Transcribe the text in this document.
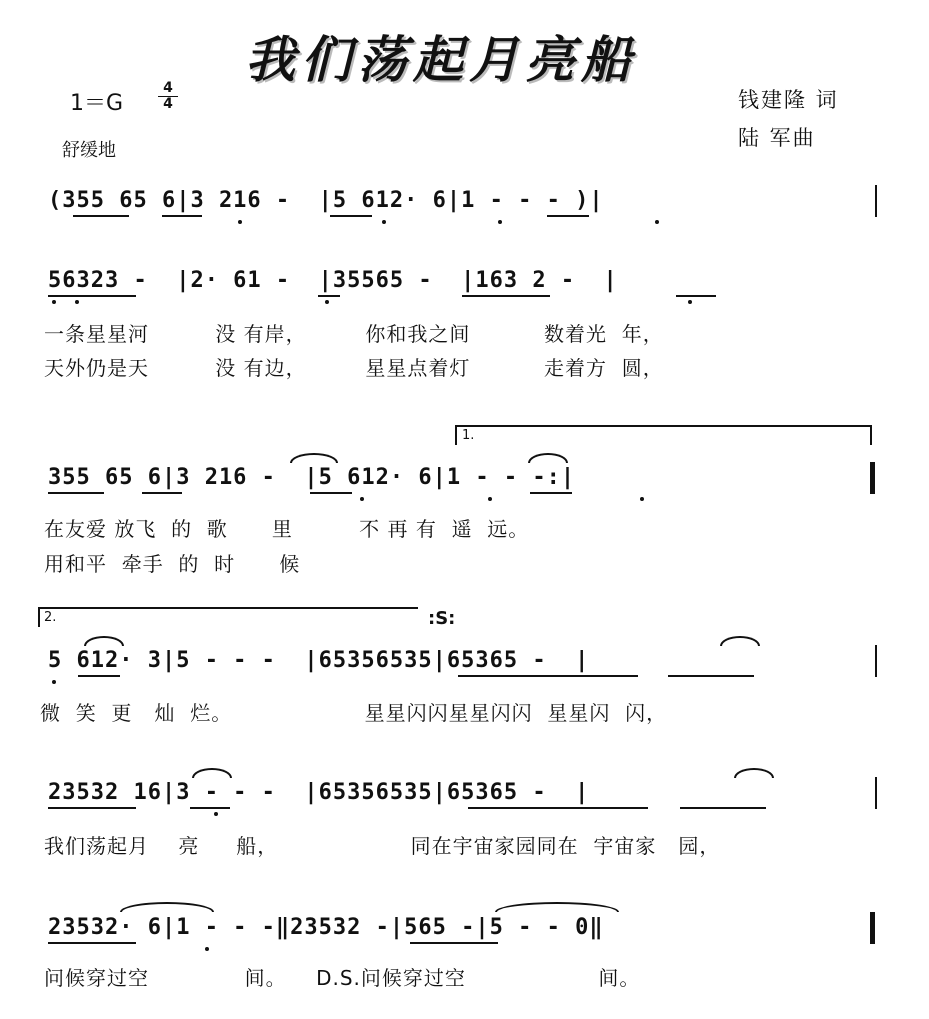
我们荡起月亮船
1＝G
4
4
舒缓地
钱建隆 词
陆 军曲
(355 65 6|3 216 -  |5 612· 6|1 - - - )|
56323 -  |2· 61 -  |35565 -  |163 2 -  |
一条星星河         没 有岸，        你和我之间          数着光  年，
天外仍是天         没 有边，        星星点着灯          走着方  圆，
1.
355 65 6|3 216 -  |5 612· 6|1 - - -:|
在友爱 放飞  的  歌      里         不 再 有  遥  远。
用和平  牵手  的  时      候
2.	:S:
5 612· 3|5 - - -  |65356535|65365 -  |
微  笑  更   灿  烂。                  星星闪闪星星闪闪  星星闪  闪，
23532 16|3 - - -  |65356535|65365 -  |
我们荡起月    亮     船，                  同在宇宙家园同在  宇宙家   园，
23532· 6|1 - - -‖23532 -|565 -|5 - - 0‖
问候穿过空             间。    D.S.问候穿过空                  间。
